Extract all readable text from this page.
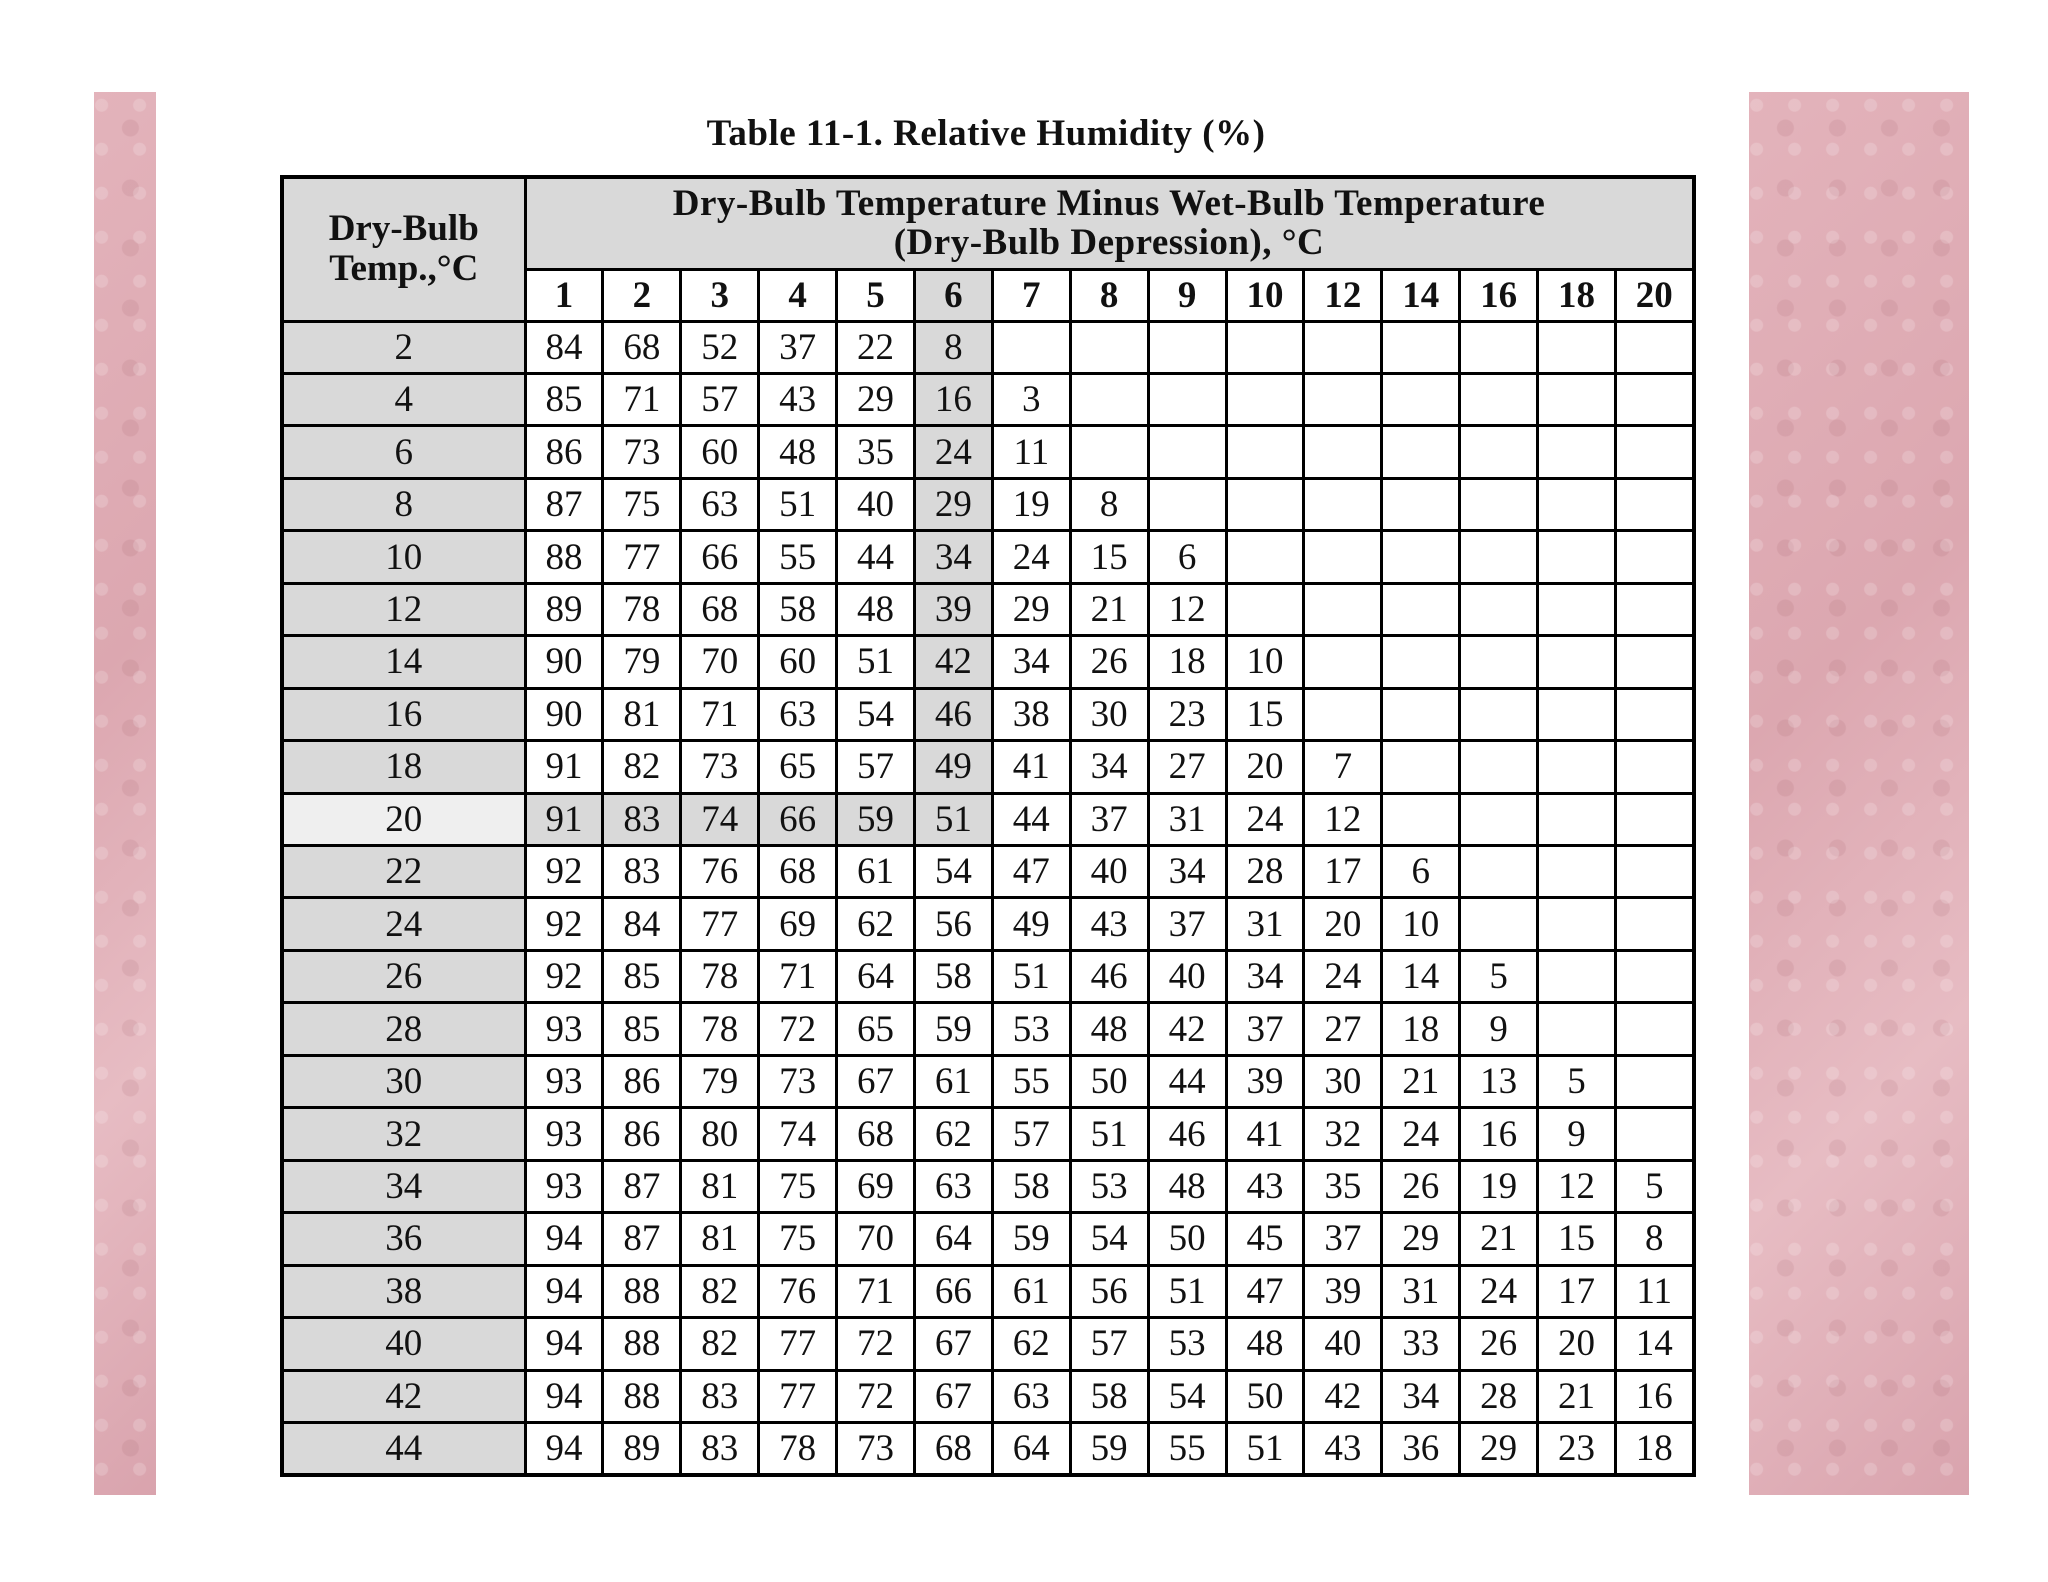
Table 11-1. Relative Humidity (%)
Dry-Bulb
Temp.,°C	Dry-Bulb Temperature Minus Wet-Bulb Temperature
(Dry-Bulb Depression), °C														
	1	2	3	4	5	6	7	8	9	10	12	14	16	18	20
2	84	68	52	37	22	8									
4	85	71	57	43	29	16	3								
6	86	73	60	48	35	24	11								
8	87	75	63	51	40	29	19	8							
10	88	77	66	55	44	34	24	15	6						
12	89	78	68	58	48	39	29	21	12						
14	90	79	70	60	51	42	34	26	18	10					
16	90	81	71	63	54	46	38	30	23	15					
18	91	82	73	65	57	49	41	34	27	20	7				
20	91	83	74	66	59	51	44	37	31	24	12				
22	92	83	76	68	61	54	47	40	34	28	17	6			
24	92	84	77	69	62	56	49	43	37	31	20	10			
26	92	85	78	71	64	58	51	46	40	34	24	14	5		
28	93	85	78	72	65	59	53	48	42	37	27	18	9		
30	93	86	79	73	67	61	55	50	44	39	30	21	13	5	
32	93	86	80	74	68	62	57	51	46	41	32	24	16	9	
34	93	87	81	75	69	63	58	53	48	43	35	26	19	12	5
36	94	87	81	75	70	64	59	54	50	45	37	29	21	15	8
38	94	88	82	76	71	66	61	56	51	47	39	31	24	17	11
40	94	88	82	77	72	67	62	57	53	48	40	33	26	20	14
42	94	88	83	77	72	67	63	58	54	50	42	34	28	21	16
44	94	89	83	78	73	68	64	59	55	51	43	36	29	23	18
